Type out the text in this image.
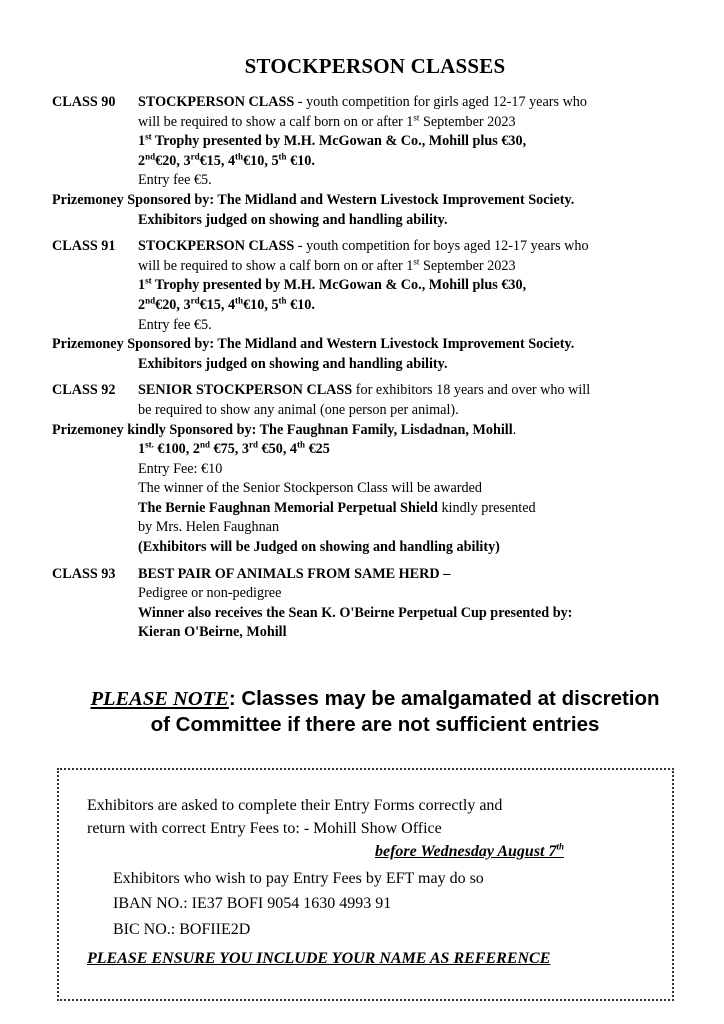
STOCKPERSON CLASSES
CLASS 90	STOCKPERSON CLASS - youth competition for girls aged 12-17 years who
will be required to show a calf born on or after 1st September 2023
1st Trophy presented by M.H. McGowan & Co., Mohill plus €30,
2nd€20, 3rd€15, 4th€10, 5th €10.
Entry fee €5.
Prizemoney Sponsored by: The Midland and Western Livestock Improvement Society.
Exhibitors judged on showing and handling ability.
CLASS 91	STOCKPERSON CLASS - youth competition for boys aged 12-17 years who
will be required to show a calf born on or after 1st September 2023
1st Trophy presented by M.H. McGowan & Co., Mohill plus €30,
2nd€20, 3rd€15, 4th€10, 5th €10.
Entry fee €5.
Prizemoney Sponsored by: The Midland and Western Livestock Improvement Society.
Exhibitors judged on showing and handling ability.
CLASS 92	SENIOR STOCKPERSON CLASS for exhibitors 18 years and over who will
be required to show any animal (one person per animal).
Prizemoney kindly Sponsored by: The Faughnan Family, Lisdadnan, Mohill.
$1^{st.}$ €100, 2nd €75, 3rd €50, 4th €25
Entry Fee: €10
The winner of the Senior Stockperson Class will be awarded
The Bernie Faughnan Memorial Perpetual Shield kindly presented
by Mrs. Helen Faughnan
(Exhibitors will be Judged on showing and handling ability)
CLASS 93	BEST PAIR OF ANIMALS FROM SAME HERD –
Pedigree or non-pedigree
Winner also receives the Sean K. O'Beirne Perpetual Cup presented by:
Kieran O'Beirne, Mohill
PLEASE NOTE: Classes may be amalgamated at discretion
of Committee if there are not sufficient entries
Exhibitors are asked to complete their Entry Forms correctly and
return with correct Entry Fees to: - Mohill Show Office
before Wednesday August 7th
Exhibitors who wish to pay Entry Fees by EFT may do so
IBAN NO.: IE37 BOFI 9054 1630 4993 91
BIC NO.: BOFIIE2D
PLEASE ENSURE YOU INCLUDE YOUR NAME AS REFERENCE
